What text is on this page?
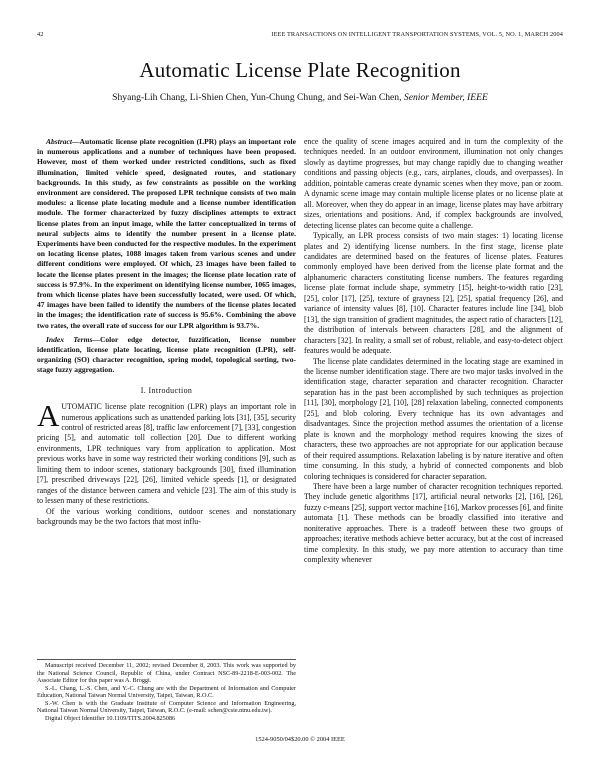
42	IEEE TRANSACTIONS ON INTELLIGENT TRANSPORTATION SYSTEMS, VOL. 5, NO. 1, MARCH 2004
Automatic License Plate Recognition
Shyang-Lih Chang, Li-Shien Chen, Yun-Chung Chung, and Sei-Wan Chen, Senior Member, IEEE

Abstract—Automatic license plate recognition (LPR) plays an important role in numerous applications and a number of techniques have been proposed. However, most of them worked under restricted conditions, such as fixed illumination, limited vehicle speed, designated routes, and stationary backgrounds. In this study, as few constraints as possible on the working environment are considered. The proposed LPR technique consists of two main modules: a license plate locating module and a license number identification module. The former characterized by fuzzy disciplines attempts to extract license plates from an input image, while the latter conceptualized in terms of neural subjects aims to identify the number present in a license plate. Experiments have been conducted for the respective modules. In the experiment on locating license plates, 1088 images taken from various scenes and under different conditions were employed. Of which, 23 images have been failed to locate the license plates present in the images; the license plate location rate of success is 97.9%. In the experiment on identifying license number, 1065 images, from which license plates have been successfully located, were used. Of which, 47 images have been failed to identify the numbers of the license plates located in the images; the identification rate of success is 95.6%. Combining the above two rates, the overall rate of success for our LPR algorithm is 93.7%.

Index Terms—Color edge detector, fuzzification, license number identification, license plate locating, license plate recognition (LPR), self-organizing (SO) character recognition, spring model, topological sorting, two-stage fuzzy aggregation.

I. Introduction

AUTOMATIC license plate recognition (LPR) plays an important role in numerous applications such as unattended parking lots [31], [35], security control of restricted areas [8], traffic law enforcement [7], [33], congestion pricing [5], and automatic toll collection [20]. Due to different working environments, LPR techniques vary from application to application. Most previous works have in some way restricted their working conditions [9], such as limiting them to indoor scenes, stationary backgrounds [30], fixed illumination [7], prescribed driveways [22], [26], limited vehicle speeds [1], or designated ranges of the distance between camera and vehicle [23]. The aim of this study is to lessen many of these restrictions.

Of the various working conditions, outdoor scenes and nonstationary backgrounds may be the two factors that most influ-

Manuscript received December 11, 2002; revised December 8, 2003. This work was supported by the National Science Council, Republic of China, under Contract NSC-89-2218-E-003-002. The Associate Editor for this paper was A. Broggi.

S.-L. Chang, L.-S. Chen, and Y.-C. Chung are with the Department of Information and Computer Education, National Taiwan Normal University, Taipei, Taiwan, R.O.C.

S.-W. Chen is with the Graduate Institute of Computer Science and Information Engineering, National Taiwan Normal University, Taipei, Taiwan, R.O.C. (e-mail: schen@csie.ntnu.edu.tw).

Digital Object Identifier 10.1109/TITS.2004.825086

ence the quality of scene images acquired and in turn the complexity of the techniques needed. In an outdoor environment, illumination not only changes slowly as daytime progresses, but may change rapidly due to changing weather conditions and passing objects (e.g., cars, airplanes, clouds, and overpasses). In addition, pointable cameras create dynamic scenes when they move, pan or zoom. A dynamic scene image may contain multiple license plates or no license plate at all. Moreover, when they do appear in an image, license plates may have arbitrary sizes, orientations and positions. And, if complex backgrounds are involved, detecting license plates can become quite a challenge.

Typically, an LPR process consists of two main stages: 1) locating license plates and 2) identifying license numbers. In the first stage, license plate candidates are determined based on the features of license plates. Features commonly employed have been derived from the license plate format and the alphanumeric characters constituting license numbers. The features regarding license plate format include shape, symmetry [15], height-to-width ratio [23], [25], color [17], [25], texture of grayness [2], [25], spatial frequency [26], and variance of intensity values [8], [10]. Character features include line [34], blob [13], the sign transition of gradient magnitudes, the aspect ratio of characters [12], the distribution of intervals between characters [28], and the alignment of characters [32]. In reality, a small set of robust, reliable, and easy-to-detect object features would be adequate.

The license plate candidates determined in the locating stage are examined in the license number identification stage. There are two major tasks involved in the identification stage, character separation and character recognition. Character separation has in the past been accomplished by such techniques as projection [11], [30], morphology [2], [10], [28] relaxation labeling, connected components [25], and blob coloring. Every technique has its own advantages and disadvantages. Since the projection method assumes the orientation of a license plate is known and the morphology method requires knowing the sizes of characters, these two approaches are not appropriate for our application because of their required assumptions. Relaxation labeling is by nature iterative and often time consuming. In this study, a hybrid of connected components and blob coloring techniques is considered for character separation.

There have been a large number of character recognition techniques reported. They include genetic algorithms [17], artificial neural networks [2], [16], [26], fuzzy c-means [25], support vector machine [16], Markov processes [6], and finite automata [1]. These methods can be broadly classified into iterative and noniterative approaches. There is a tradeoff between these two groups of approaches; iterative methods achieve better accuracy, but at the cost of increased time complexity. In this study, we pay more attention to accuracy than time complexity whenever

1524-9050/04$20.00 © 2004 IEEE
